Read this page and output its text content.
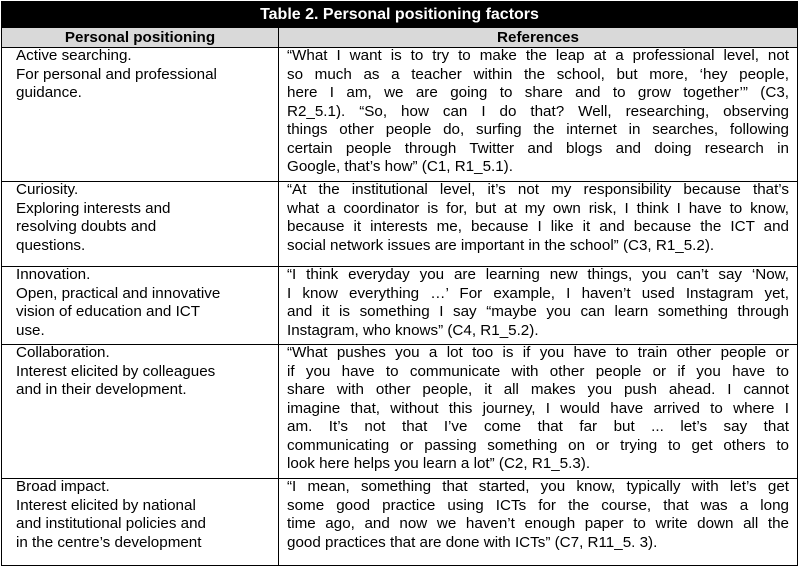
Table 2. Personal positioning factors
Personal positioning	References
Active searching.
For personal and professional
guidance.
“What I want is to try to make the leap at a professional level, not
so much as a teacher within the school, but more, ‘hey people,
here I am, we are going to share and to grow together’” (C3,
R2_5.1). “So, how can I do that? Well, researching, observing
things other people do, surfing the internet in searches, following
certain people through Twitter and blogs and doing research in
Google, that’s how” (C1, R1_5.1).
Curiosity.
Exploring interests and
resolving doubts and
questions.
“At the institutional level, it’s not my responsibility because that’s
what a coordinator is for, but at my own risk, I think I have to know,
because it interests me, because I like it and because the ICT and
social network issues are important in the school” (C3, R1_5.2).
Innovation.
Open, practical and innovative
vision of education and ICT
use.
“I think everyday you are learning new things, you can’t say ‘Now,
I know everything …’ For example, I haven’t used Instagram yet,
and it is something I say “maybe you can learn something through
Instagram, who knows” (C4, R1_5.2).
Collaboration.
Interest elicited by colleagues
and in their development.
“What pushes you a lot too is if you have to train other people or
if you have to communicate with other people or if you have to
share with other people, it all makes you push ahead. I cannot
imagine that, without this journey, I would have arrived to where I
am. It’s not that I’ve come that far but ... let’s say that
communicating or passing something on or trying to get others to
look here helps you learn a lot” (C2, R1_5.3).
Broad impact.
Interest elicited by national
and institutional policies and
in the centre’s development
“I mean, something that started, you know, typically with let’s get
some good practice using ICTs for the course, that was a long
time ago, and now we haven’t enough paper to write down all the
good practices that are done with ICTs” (C7, R11_5. 3).
